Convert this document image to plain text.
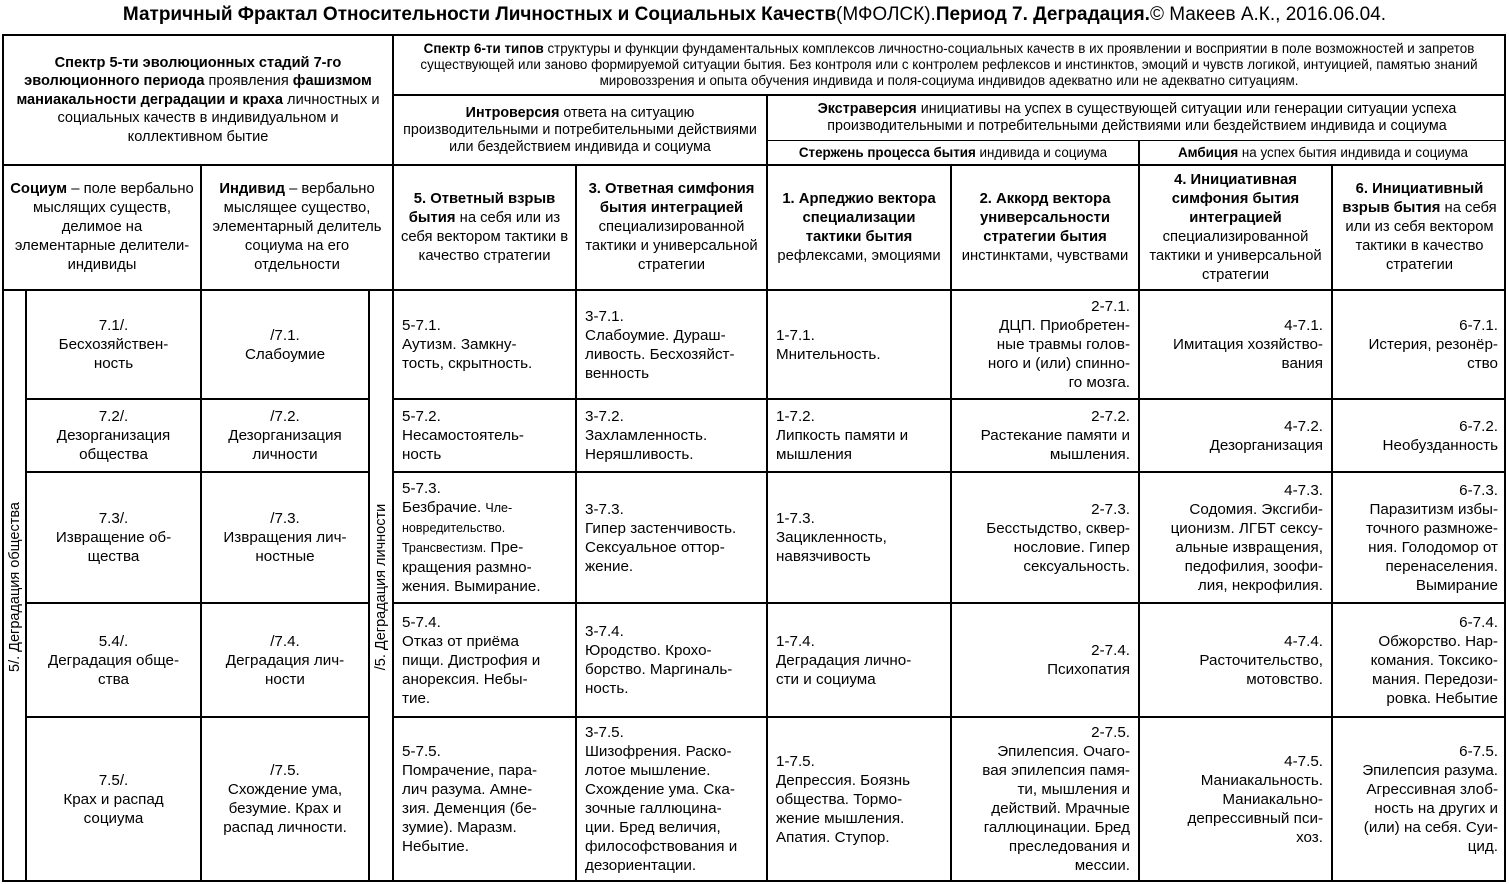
Матричный Фрактал Относительности Личностных и Социальных Качеств (МФОЛСК). Период 7. Деградация. © Макеев А.К., 2016.06.04.
Спектр 5-ти эволюционных стадий 7-го эволюционного периода проявления фашизмом маниакальности деградации и краха личностных и социальных качеств в индивидуальном и коллективном бытие
Спектр 6-ти типов структуры и функции фундаментальных комплексов личностно-социальных качеств в их проявлении и восприятии в поле возможностей и запретов существующей или заново формируемой ситуации бытия. Без контроля или с контролем рефлексов и инстинктов, эмоций и чувств логикой, интуицией, памятью знаний мировоззрения и опыта обучения индивида и поля-социума индивидов адекватно или не адекватно ситуациям.
Интроверсия ответа на ситуацию производительными и потребительными действиями или бездействием индивида и социума
Экстраверсия инициативы на успех в существующей ситуации или генерации ситуации успеха производительными и потребительными действиями или бездействием индивида и социума
Стержень процесса бытия индивида и социума	Амбиция на успех бытия индивида и социума
Социум – поле вербально мыслящих существ, делимое на элементарные делители-индивиды
Индивид – вербально мыслящее существо, элементарный делитель социума на его отдельности
5. Ответный взрыв бытия на себя или из себя вектором тактики в качество стратегии
3. Ответная симфония бытия интеграцией специализированной тактики и универсальной стратегии
1. Арпеджио вектора специализации тактики бытия рефлексами, эмоциями
2. Аккорд вектора универсальности стратегии бытия инстинктами, чувствами
4. Инициативная симфония бытия интеграцией специализированной тактики и универсальной стратегии
6. Инициативный взрыв бытия на себя или из себя вектором тактики в качество стратегии
5/. Деградация общества	/5. Деградация личности
7.1/.
Бесхозяйствен-
ность
/7.1.
Слабоумие
5-7.1.
Аутизм. Замкну-
тость, скрытность.
3-7.1.
Слабоумие. Дураш-
ливость. Бесхозяйст-
венность
1-7.1.
Мнительность.
2-7.1.
ДЦП. Приобретен-
ные травмы голов-
ного и (или) спинно-
го мозга.
4-7.1.
Имитация хозяйство-
вания
6-7.1.
Истерия, резонёр-
ство
7.2/.
Дезорганизация
общества
/7.2.
Дезорганизация
личности
5-7.2.
Несамостоятель-
ность
3-7.2.
Захламленность.
Неряшливость.
1-7.2.
Липкость памяти и
мышления
2-7.2.
Растекание памяти и
мышления.
4-7.2.
Дезорганизация
6-7.2.
Необузданность
7.3/.
Извращение об-
щества
/7.3.
Извращения лич-
ностные
5-7.3.
Безбрачие. Чле-
новредительство.
Трансвестизм. Пре-
кращения размно-
жения. Вымирание.
3-7.3.
Гипер застенчивость.
Сексуальное оттор-
жение.
1-7.3.
Зацикленность,
навязчивость
2-7.3.
Бесстыдство, сквер-
нословие. Гипер
сексуальность.
4-7.3.
Содомия. Эксгиби-
ционизм. ЛГБТ сексу-
альные извращения,
педофилия, зоофи-
лия, некрофилия.
6-7.3.
Паразитизм избы-
точного размноже-
ния. Голодомор от
перенаселения.
Вымирание
5.4/.
Деградация обще-
ства
/7.4.
Деградация лич-
ности
5-7.4.
Отказ от приёма
пищи. Дистрофия и
анорексия. Небы-
тие.
3-7.4.
Юродство. Крохо-
борство. Маргиналь-
ность.
1-7.4.
Деградация лично-
сти и социума
2-7.4.
Психопатия
4-7.4.
Расточительство,
мотовство.
6-7.4.
Обжорство. Нар-
комания. Токсико-
мания. Передози-
ровка. Небытие
7.5/.
Крах и распад
социума
/7.5.
Схождение ума,
безумие. Крах и
распад личности.
5-7.5.
Помрачение, пара-
лич разума. Амне-
зия. Деменция (бе-
зумие). Маразм.
Небытие.
3-7.5.
Шизофрения. Раско-
лотое мышление.
Схождение ума. Ска-
зочные галлюцина-
ции. Бред величия,
философствования и
дезориентации.
1-7.5.
Депрессия. Боязнь
общества. Тормо-
жение мышления.
Апатия. Ступор.
2-7.5.
Эпилепсия. Очаго-
вая эпилепсия памя-
ти, мышления и
действий. Мрачные
галлюцинации. Бред
преследования и
мессии.
4-7.5.
Маниакальность.
Маниакально-
депрессивный пси-
хоз.
6-7.5.
Эпилепсия разума.
Агрессивная злоб-
ность на других и
(или) на себя. Суи-
цид.
